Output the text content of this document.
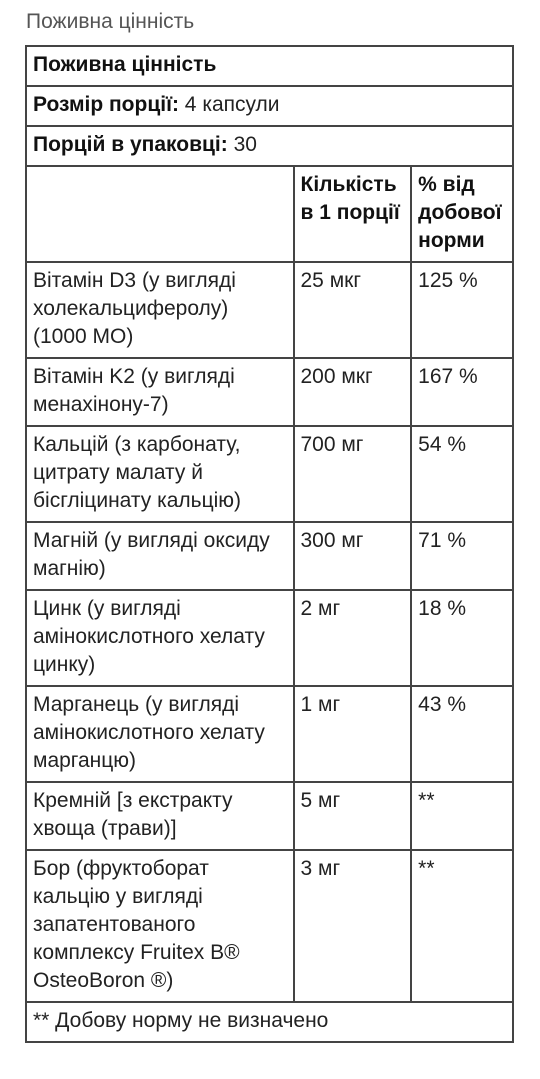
Поживна цінність
Поживна цінність		
Розмір порції: 4 капсули		
Порцій в упаковці: 30		
	Кількість в 1 порції	% від добової норми
Вітамін D3 (у вигляді холекальциферолу) (1000 МО)	25 мкг	125 %
Вітамін K2 (у вигляді менахінону-7)	200 мкг	167 %
Кальцій (з карбонату, цитрату малату й бісгліцинату кальцію)	700 мг	54 %
Магній (у вигляді оксиду магнію)	300 мг	71 %
Цинк (у вигляді амінокислотного хелату цинку)	2 мг	18 %
Марганець (у вигляді амінокислотного хелату марганцю)	1 мг	43 %
Кремній [з екстракту хвоща (трави)]	5 мг	**
Бор (фруктоборат кальцію у вигляді запатентованого комплексу Fruitex B® OsteoBoron ®)	3 мг	**
** Добову норму не визначено		
